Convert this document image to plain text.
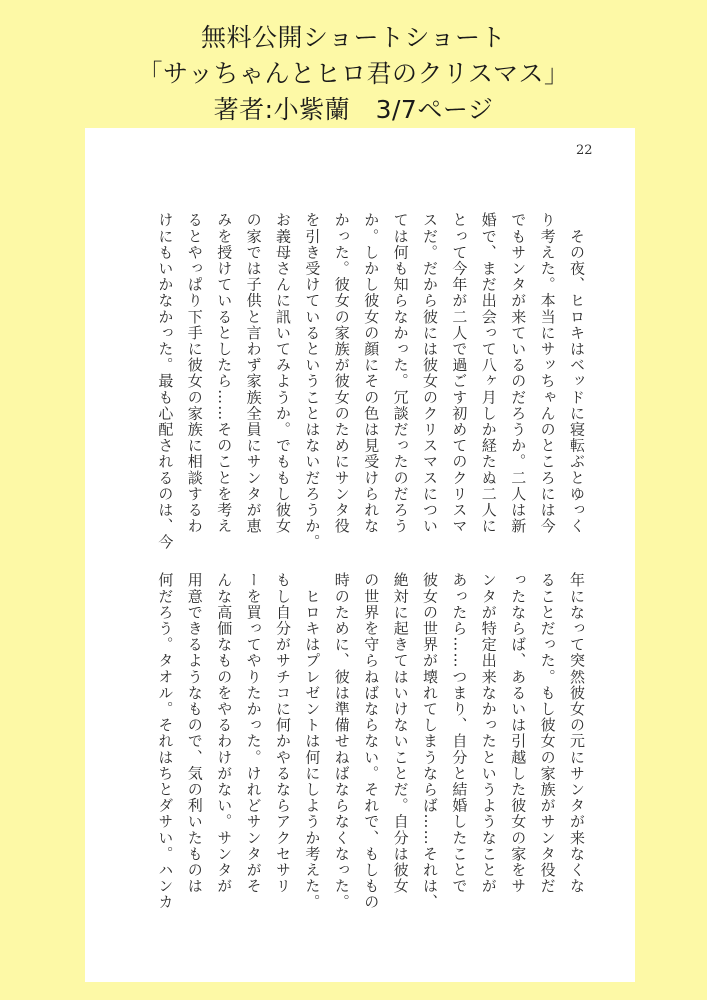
無料公開ショートショート
「サッちゃんとヒロ君のクリスマス」
著者:小紫蘭　3/7ページ
22
　その夜、ヒロキはベッドに寝転ぶとゆっく
り考えた。本当にサッちゃんのところには今
でもサンタが来ているのだろうか。二人は新
婚で、まだ出会って八ヶ月しか経たぬ二人に
とって今年が二人で過ごす初めてのクリスマ
スだ。だから彼には彼女のクリスマスについ
ては何も知らなかった。冗談だったのだろう
か。しかし彼女の顔にその色は見受けられな
かった。彼女の家族が彼女のためにサンタ役
を引き受けているということはないだろうか。
お義母さんに訊いてみようか。でももし彼女
の家では子供と言わず家族全員にサンタが恵
みを授けているとしたら……そのことを考え
るとやっぱり下手に彼女の家族に相談するわ
けにもいかなかった。最も心配されるのは、今
年になって突然彼女の元にサンタが来なくな
ることだった。もし彼女の家族がサンタ役だ
ったならば、あるいは引越した彼女の家をサ
ンタが特定出来なかったというようなことが
あったら……つまり、自分と結婚したことで
彼女の世界が壊れてしまうならば……それは、
絶対に起きてはいけないことだ。自分は彼女
の世界を守らねばならない。それで、もしもの
時のために、彼は準備せねばならなくなった。
　ヒロキはプレゼントは何にしようか考えた。
もし自分がサチコに何かやるならアクセサリ
ーを買ってやりたかった。けれどサンタがそ
んな高価なものをやるわけがない。サンタが
用意できるようなもので、気の利いたものは
何だろう。タオル。それはちとダサい。ハンカ
